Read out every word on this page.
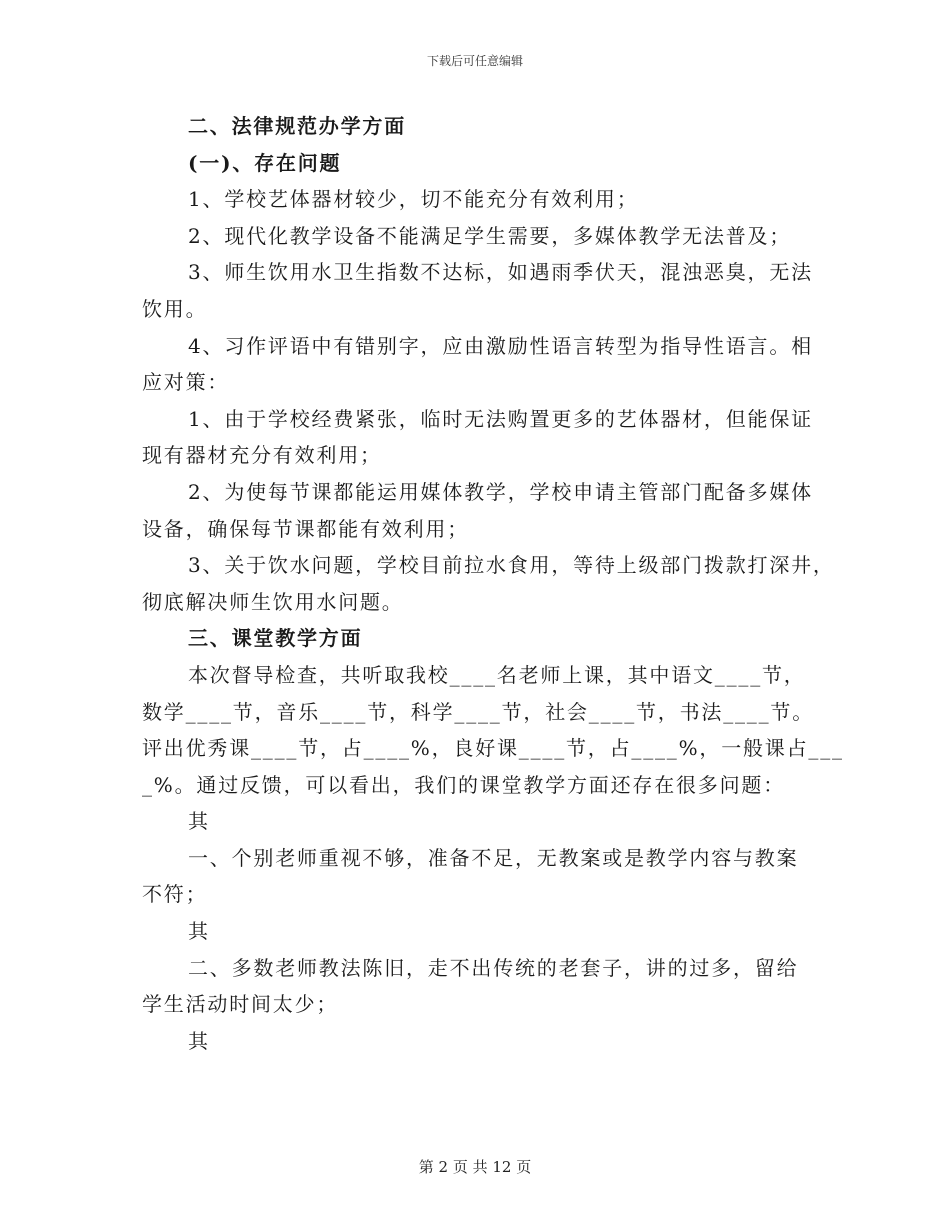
下载后可任意编辑
二、法律规范办学方面
(一)、存在问题
1、学校艺体器材较少，切不能充分有效利用；
2、现代化教学设备不能满足学生需要，多媒体教学无法普及；
3、师生饮用水卫生指数不达标，如遇雨季伏天，混浊恶臭，无法
饮用。
4、习作评语中有错别字，应由激励性语言转型为指导性语言。相
应对策：
1、由于学校经费紧张，临时无法购置更多的艺体器材，但能保证
现有器材充分有效利用；
2、为使每节课都能运用媒体教学，学校申请主管部门配备多媒体
设备，确保每节课都能有效利用；
3、关于饮水问题，学校目前拉水食用，等待上级部门拨款打深井，
彻底解决师生饮用水问题。
三、课堂教学方面
本次督导检查，共听取我校____名老师上课，其中语文____节，
数学____节，音乐____节，科学____节，社会____节，书法____节。
评出优秀课____节，占____%，良好课____节，占____%，一般课占___
_%。通过反馈，可以看出，我们的课堂教学方面还存在很多问题：
其
一、个别老师重视不够，准备不足，无教案或是教学内容与教案
不符；
其
二、多数老师教法陈旧，走不出传统的老套子，讲的过多，留给
学生活动时间太少；
其
第 2 页 共 12 页
